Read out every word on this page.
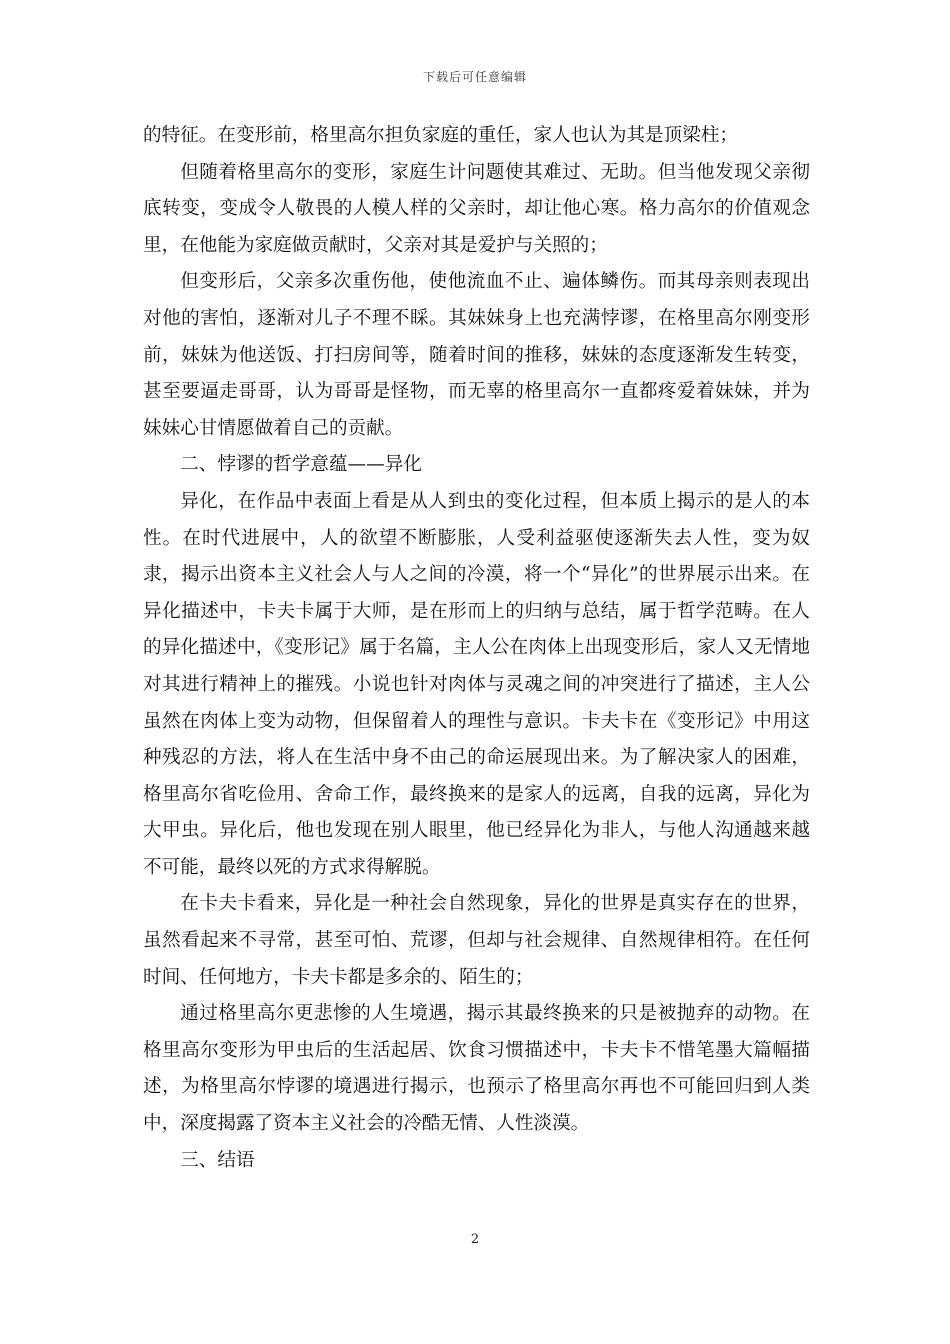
下载后可任意编辑

的特征。在变形前，格里高尔担负家庭的重任，家人也认为其是顶梁柱；

但随着格里高尔的变形，家庭生计问题使其难过、无助。但当他发现父亲彻底转变，变成令人敬畏的人模人样的父亲时，却让他心寒。格力高尔的价值观念里，在他能为家庭做贡献时，父亲对其是爱护与关照的；

但变形后，父亲多次重伤他，使他流血不止、遍体鳞伤。而其母亲则表现出对他的害怕，逐渐对儿子不理不睬。其妹妹身上也充满悖谬，在格里高尔刚变形前，妹妹为他送饭、打扫房间等，随着时间的推移，妹妹的态度逐渐发生转变，甚至要逼走哥哥，认为哥哥是怪物，而无辜的格里高尔一直都疼爱着妹妹，并为妹妹心甘情愿做着自己的贡献。

二、悖谬的哲学意蕴——异化

异化，在作品中表面上看是从人到虫的变化过程，但本质上揭示的是人的本性。在时代进展中，人的欲望不断膨胀，人受利益驱使逐渐失去人性，变为奴隶，揭示出资本主义社会人与人之间的冷漠，将一个“异化”的世界展示出来。在异化描述中，卡夫卡属于大师，是在形而上的归纳与总结，属于哲学范畴。在人的异化描述中，《变形记》属于名篇，主人公在肉体上出现变形后，家人又无情地对其进行精神上的摧残。小说也针对肉体与灵魂之间的冲突进行了描述，主人公虽然在肉体上变为动物，但保留着人的理性与意识。卡夫卡在《变形记》中用这种残忍的方法，将人在生活中身不由己的命运展现出来。为了解决家人的困难，格里高尔省吃俭用、舍命工作，最终换来的是家人的远离，自我的远离，异化为大甲虫。异化后，他也发现在别人眼里，他已经异化为非人，与他人沟通越来越不可能，最终以死的方式求得解脱。

在卡夫卡看来，异化是一种社会自然现象，异化的世界是真实存在的世界，虽然看起来不寻常，甚至可怕、荒谬，但却与社会规律、自然规律相符。在任何时间、任何地方，卡夫卡都是多余的、陌生的；

通过格里高尔更悲惨的人生境遇，揭示其最终换来的只是被抛弃的动物。在格里高尔变形为甲虫后的生活起居、饮食习惯描述中，卡夫卡不惜笔墨大篇幅描述，为格里高尔悖谬的境遇进行揭示，也预示了格里高尔再也不可能回归到人类中，深度揭露了资本主义社会的冷酷无情、人性淡漠。

三、结语

2
